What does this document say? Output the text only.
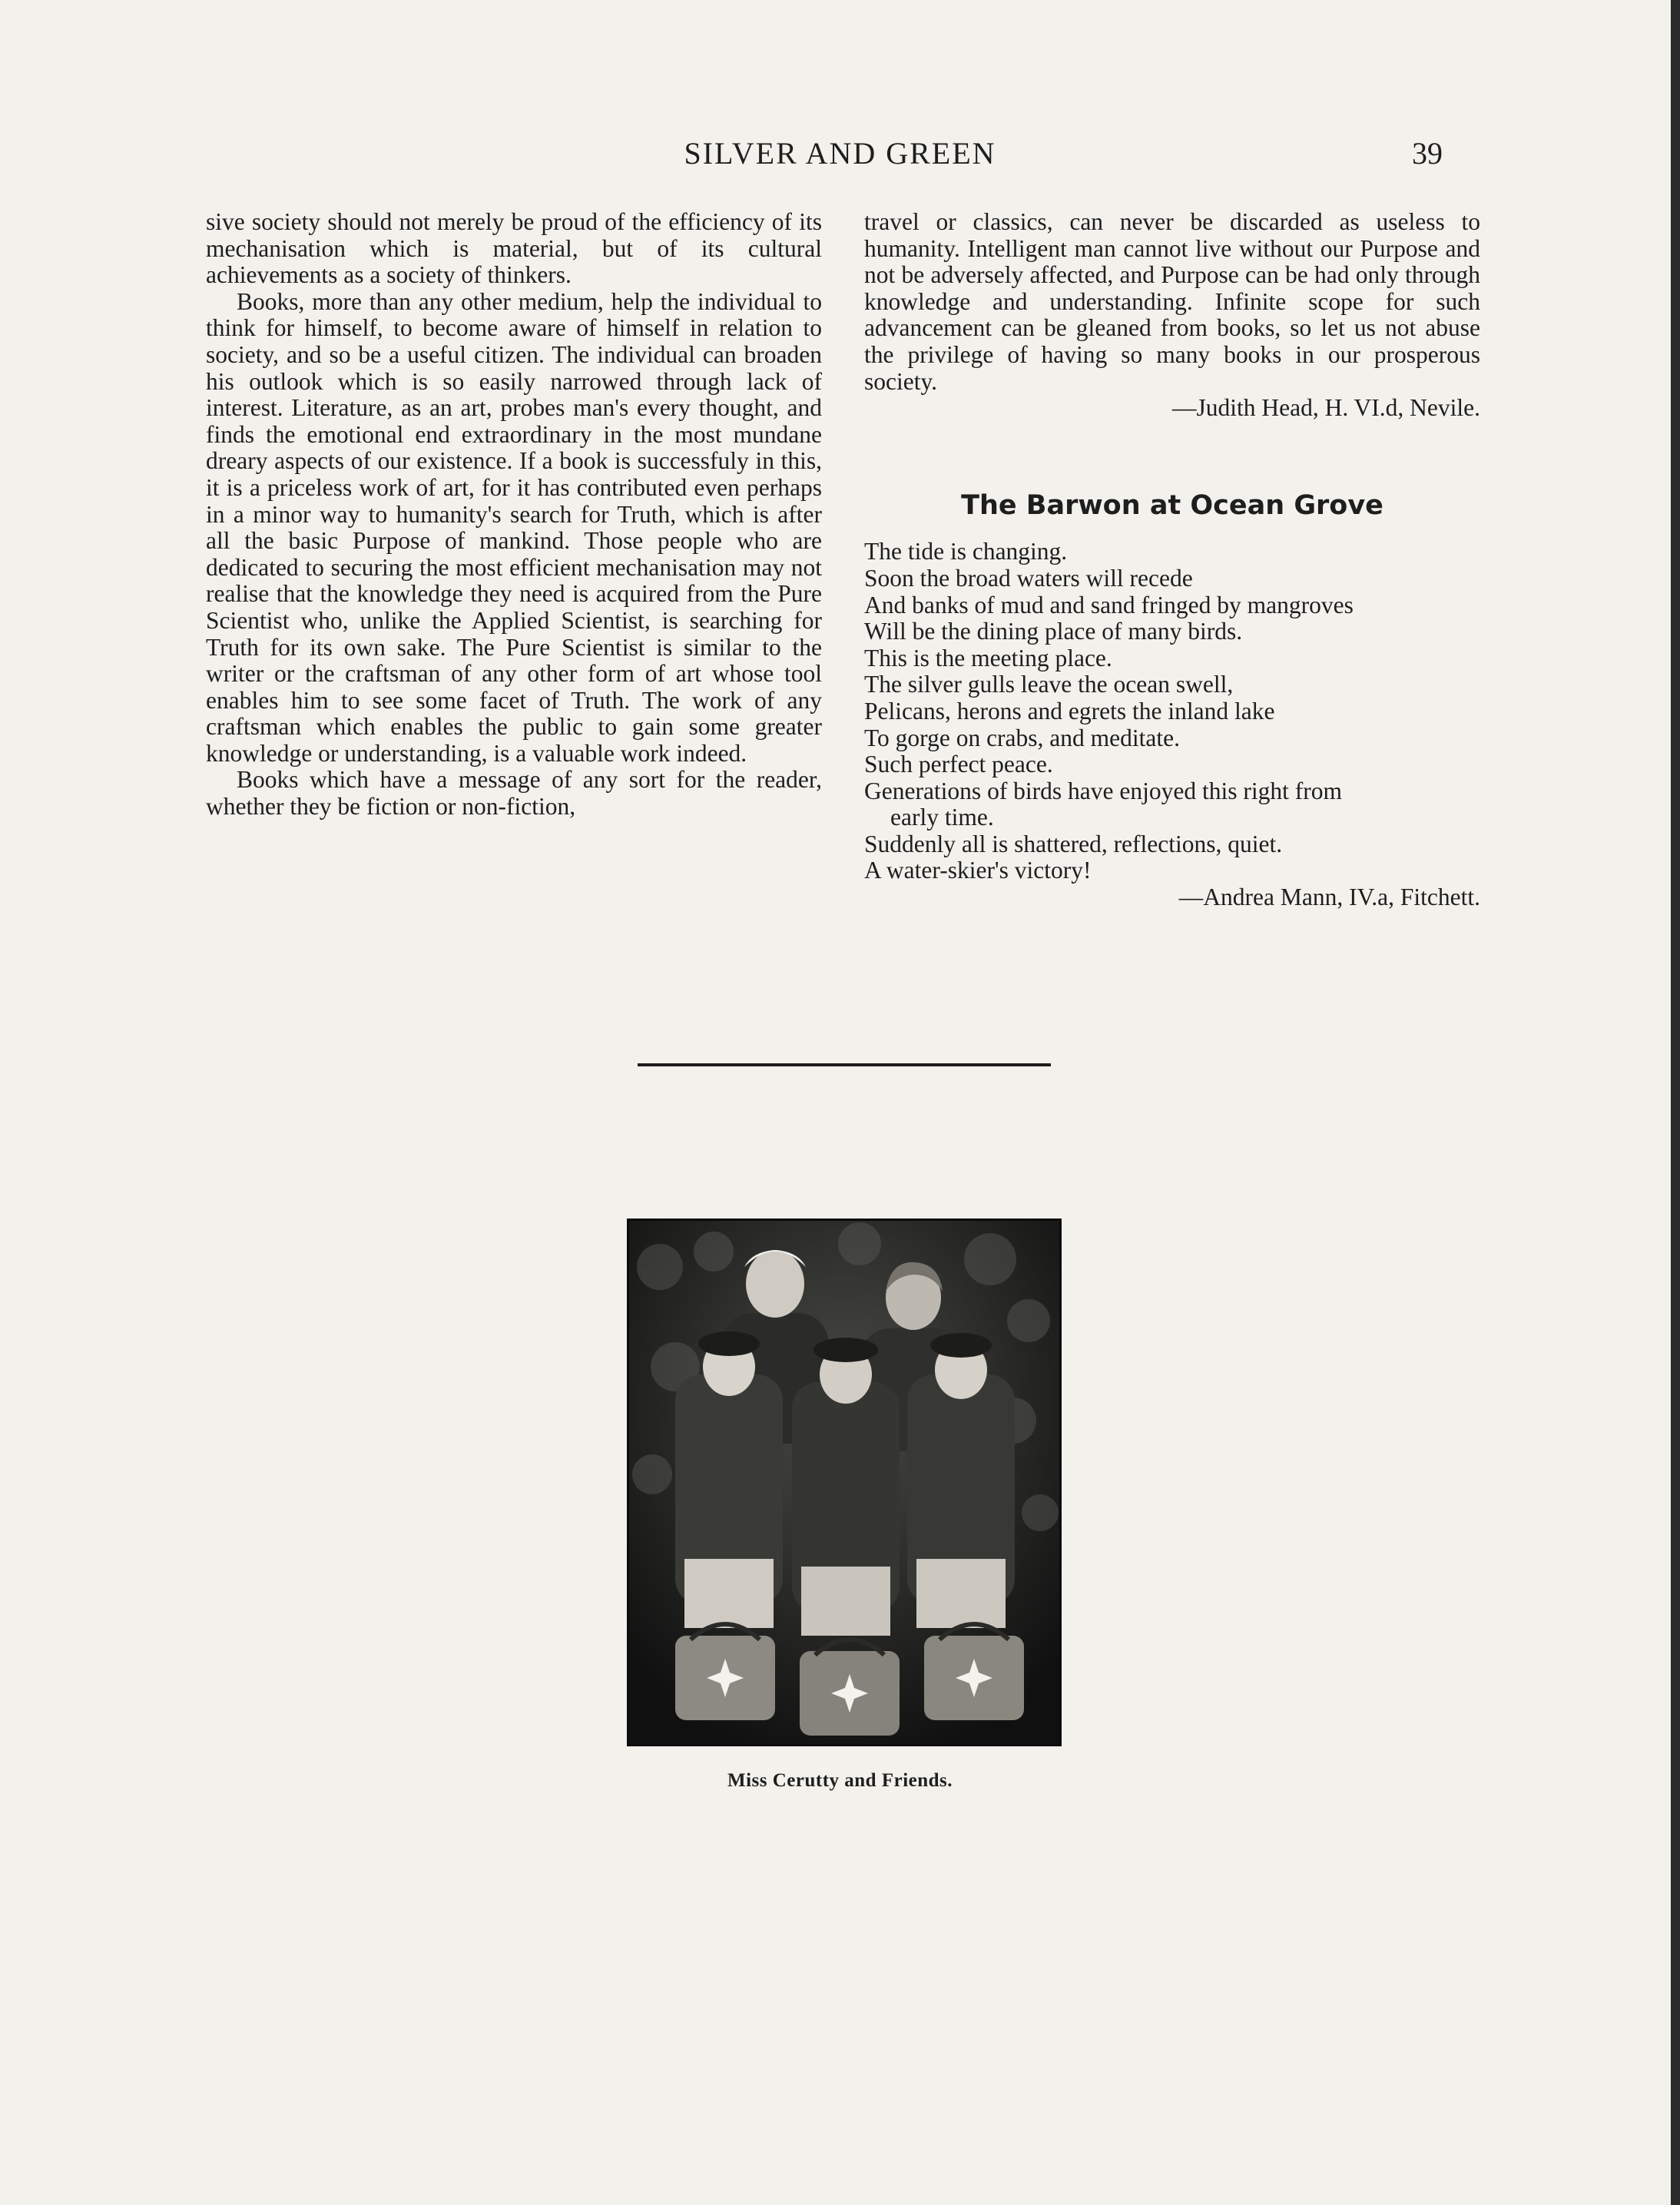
SILVER AND GREEN	39

sive society should not merely be proud of the efficiency of its mechanisation which is material, but of its cultural achievements as a society of thinkers.

Books, more than any other medium, help the individual to think for himself, to become aware of himself in relation to society, and so be a useful citizen. The individual can broaden his outlook which is so easily narrowed through lack of interest. Literature, as an art, probes man's every thought, and finds the emotional end extraordinary in the most mundane dreary aspects of our existence. If a book is successfuly in this, it is a priceless work of art, for it has contributed even perhaps in a minor way to humanity's search for Truth, which is after all the basic Purpose of mankind. Those people who are dedicated to securing the most efficient mechanisation may not realise that the knowledge they need is acquired from the Pure Scientist who, unlike the Applied Scientist, is searching for Truth for its own sake. The Pure Scientist is similar to the writer or the craftsman of any other form of art whose tool enables him to see some facet of Truth. The work of any craftsman which enables the public to gain some greater knowledge or understanding, is a valuable work indeed.

Books which have a message of any sort for the reader, whether they be fiction or non-fiction,

travel or classics, can never be discarded as useless to humanity. Intelligent man cannot live without our Purpose and not be adversely affected, and Purpose can be had only through knowledge and understanding. Infinite scope for such advancement can be gleaned from books, so let us not abuse the privilege of having so many books in our prosperous society.

—Judith Head, H. VI.d, Nevile.

The Barwon at Ocean Grove
The tide is changing.
Soon the broad waters will recede
And banks of mud and sand fringed by mangroves
Will be the dining place of many birds.
This is the meeting place.
The silver gulls leave the ocean swell,
Pelicans, herons and egrets the inland lake
To gorge on crabs, and meditate.
Such perfect peace.
Generations of birds have enjoyed this right from
early time.
Suddenly all is shattered, reflections, quiet.
A water-skier's victory!

—Andrea Mann, IV.a, Fitchett.

Miss Cerutty and Friends.
